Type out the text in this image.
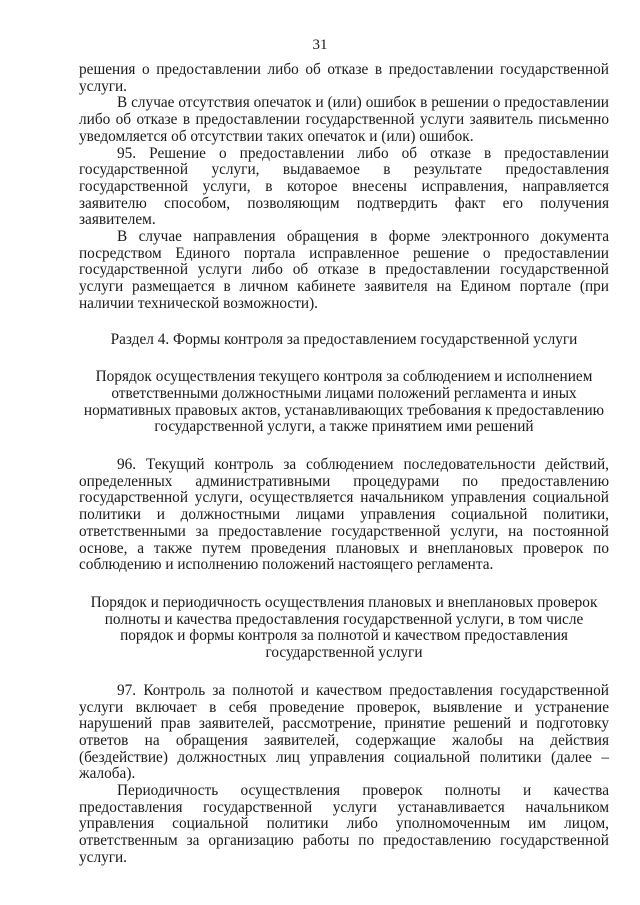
31

решения о предоставлении либо об отказе в предоставлении государственной услуги.

В случае отсутствия опечаток и (или) ошибок в решении о предоставлении либо об отказе в предоставлении государственной услуги заявитель письменно уведомляется об отсутствии таких опечаток и (или) ошибок.

95. Решение о предоставлении либо об отказе в предоставлении государственной услуги, выдаваемое в результате предоставления государственной услуги, в которое внесены исправления, направляется заявителю способом, позволяющим подтвердить факт его получения заявителем.

В случае направления обращения в форме электронного документа посредством Единого портала исправленное решение о предоставлении государственной услуги либо об отказе в предоставлении государственной услуги размещается в личном кабинете заявителя на Едином портале (при наличии технической возможности).

Раздел 4. Формы контроля за предоставлением государственной услуги
Порядок осуществления текущего контроля за соблюдением и исполнением ответственными должностными лицами положений регламента и иных нормативных правовых актов, устанавливающих требования к предоставлению государственной услуги, а также принятием ими решений

96. Текущий контроль за соблюдением последовательности действий, определенных административными процедурами по предоставлению государственной услуги, осуществляется начальником управления социальной политики и должностными лицами управления социальной политики, ответственными за предоставление государственной услуги, на постоянной основе, а также путем проведения плановых и внеплановых проверок по соблюдению и исполнению положений настоящего регламента.

Порядок и периодичность осуществления плановых и внеплановых проверок полноты и качества предоставления государственной услуги, в том числе порядок и формы контроля за полнотой и качеством предоставления государственной услуги

97. Контроль за полнотой и качеством предоставления государственной услуги включает в себя проведение проверок, выявление и устранение нарушений прав заявителей, рассмотрение, принятие решений и подготовку ответов на обращения заявителей, содержащие жалобы на действия (бездействие) должностных лиц управления социальной политики (далее – жалоба).

Периодичность осуществления проверок полноты и качества предоставления государственной услуги устанавливается начальником управления социальной политики либо уполномоченным им лицом, ответственным за организацию работы по предоставлению государственной услуги.
